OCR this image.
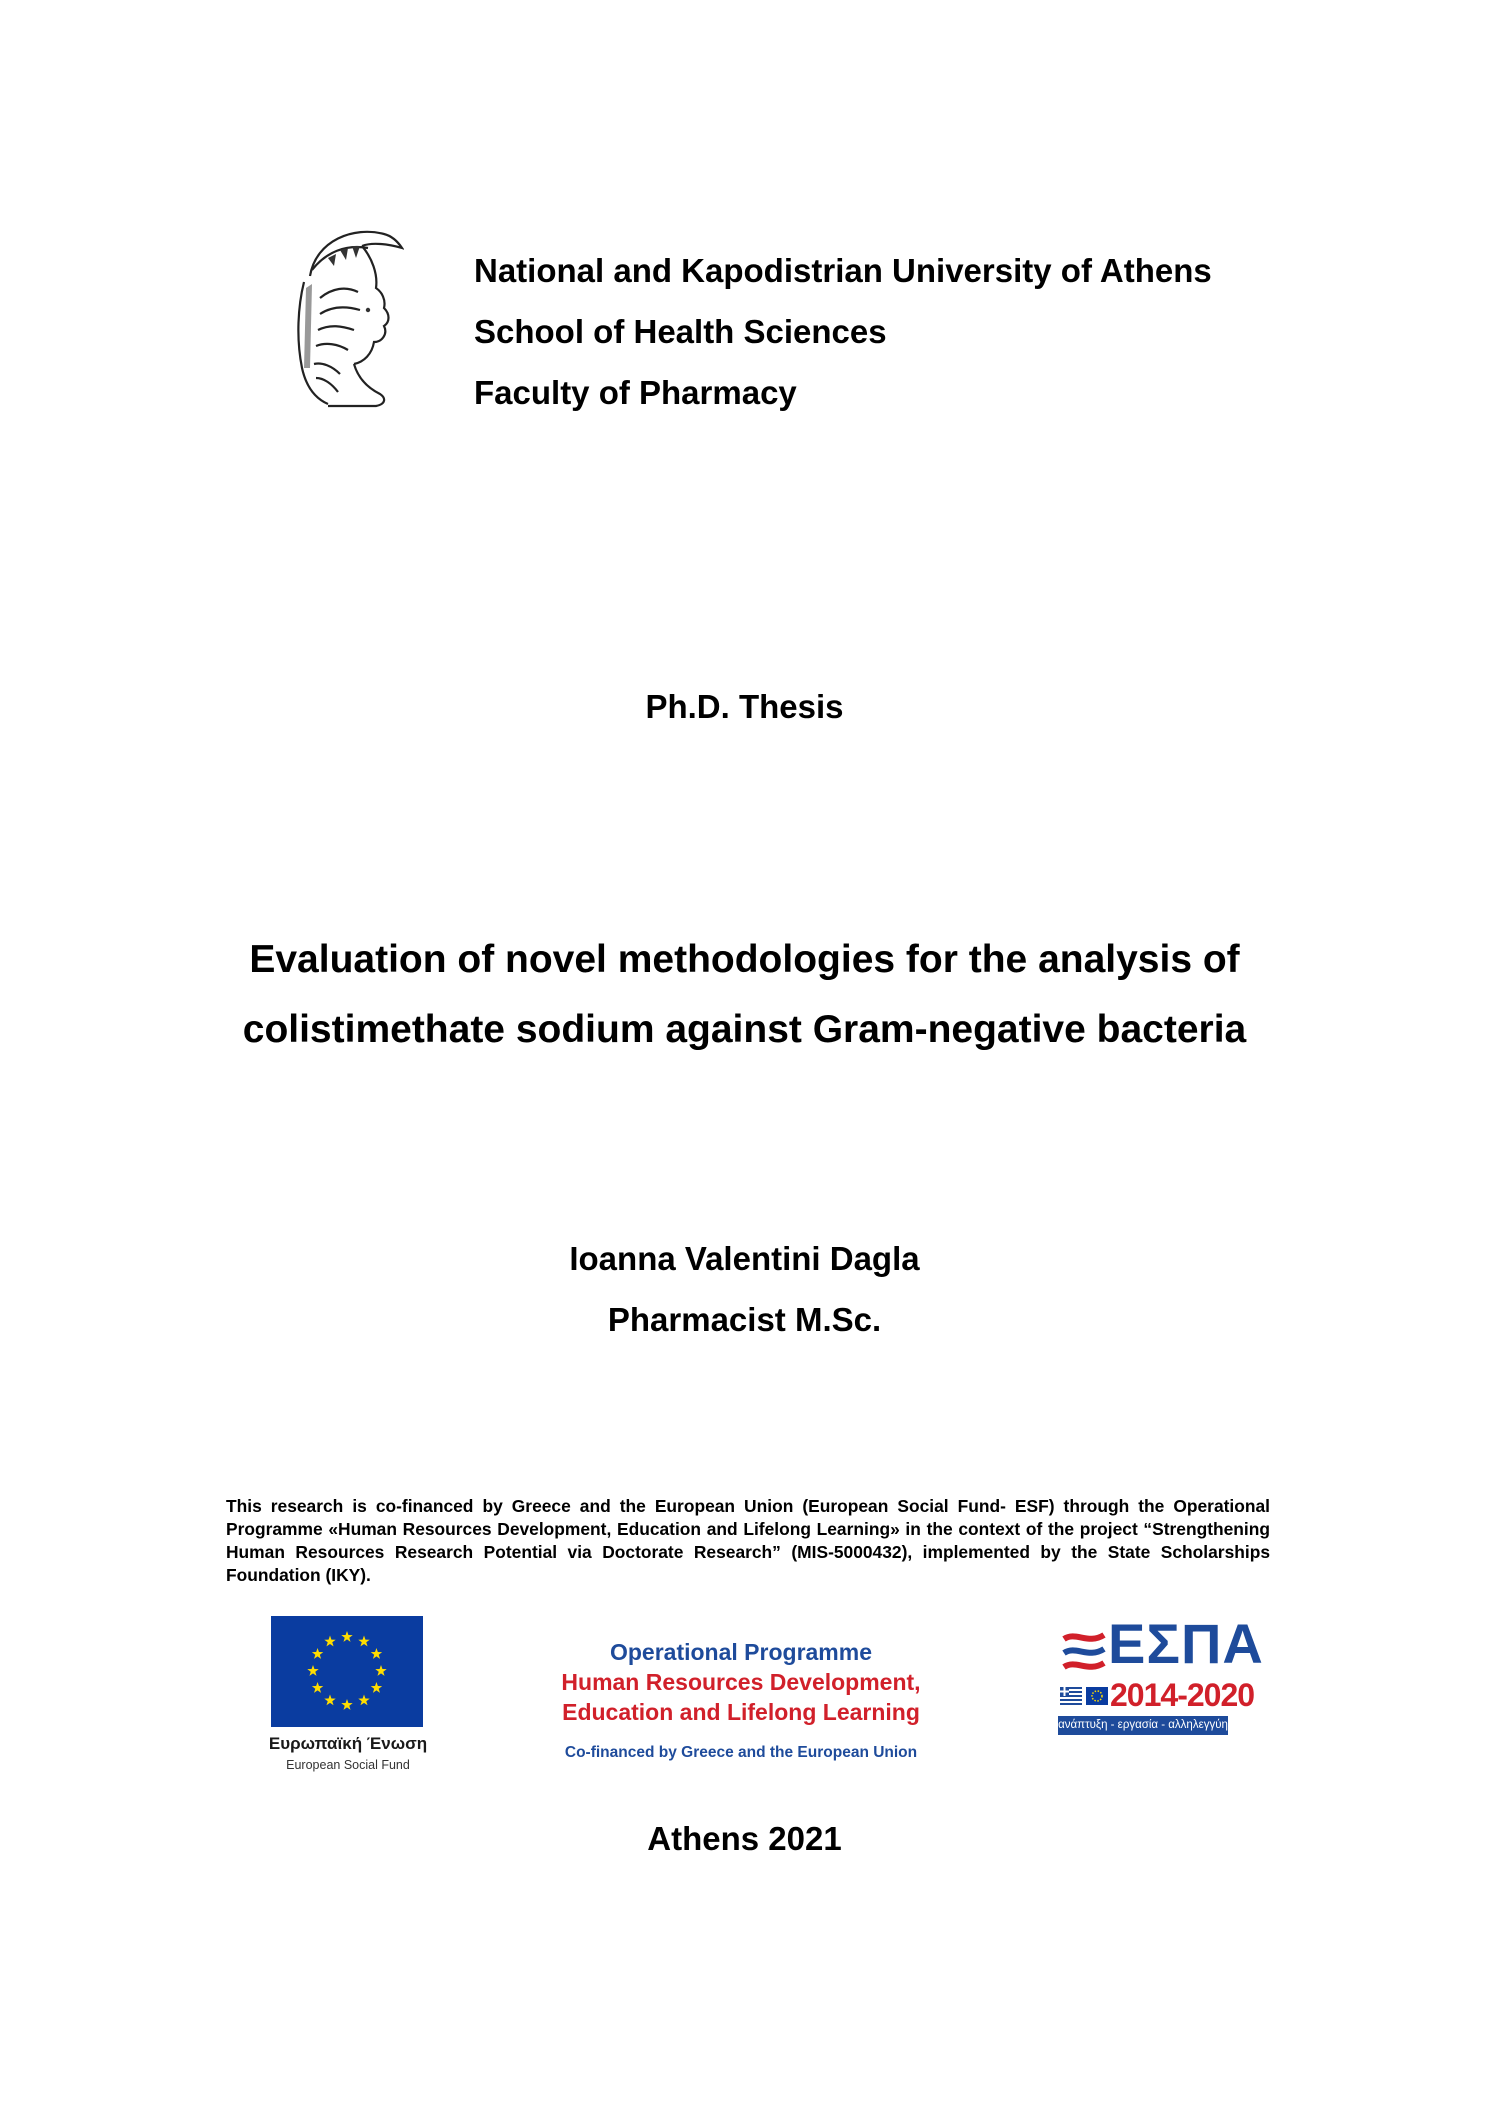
National and Kapodistrian University of Athens
School of Health Sciences
Faculty of Pharmacy
Ph.D. Thesis
Evaluation of novel methodologies for the analysis of
colistimethate sodium against Gram-negative bacteria
Ioanna Valentini Dagla
Pharmacist M.Sc.
This research is co-financed by Greece and the European Union (European Social Fund- ESF) through the Operational Programme «Human Resources Development, Education and Lifelong Learning» in the context of the project “Strengthening Human Resources Research Potential via Doctorate Research” (MIS-5000432), implemented by the State Scholarships Foundation (ΙΚΥ).
Ευρωπαϊκή Ένωση
European Social Fund
Operational Programme
Human Resources Development,
Education and Lifelong Learning
Co-financed by Greece and the European Union
ΕΣΠΑ
2014-2020
ανάπτυξη - εργασία - αλληλεγγύη
Athens 2021
